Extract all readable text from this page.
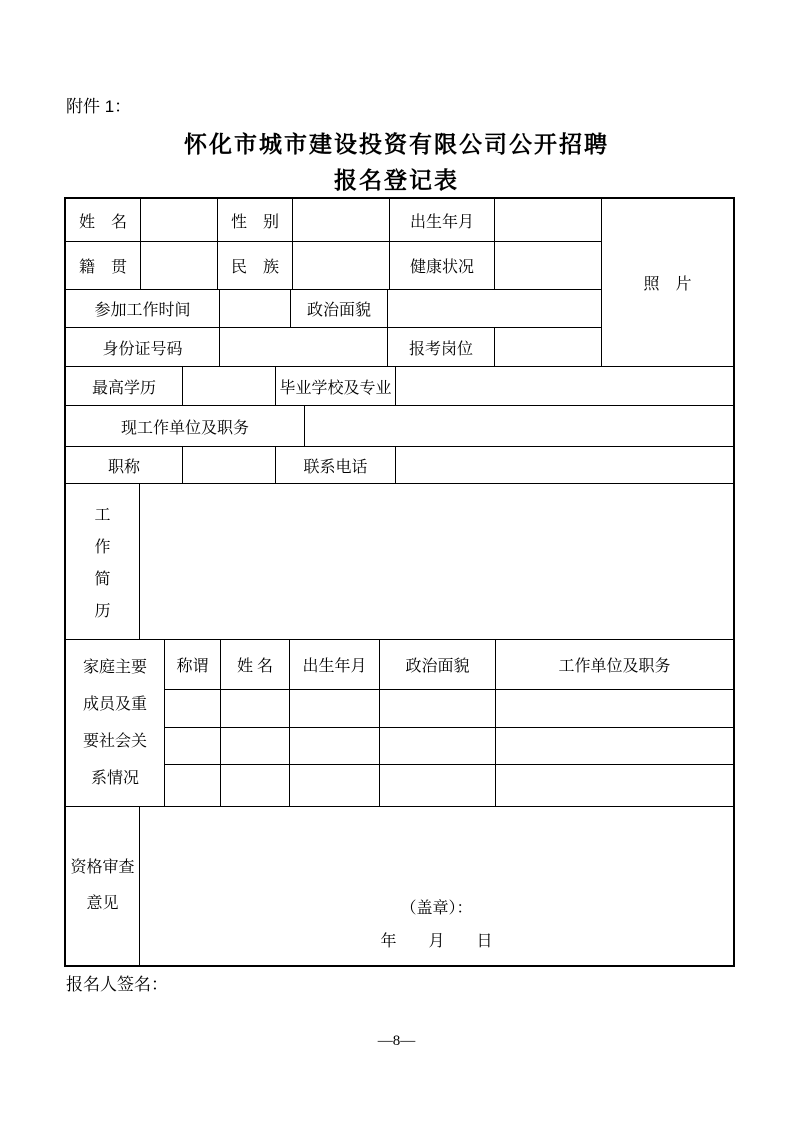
附件 1：
怀化市城市建设投资有限公司公开招聘
报名登记表
姓　名	性　别	出生年月
籍　贯	民　族	健康状况
参加工作时间	政治面貌
身份证号码	报考岗位
照　片
最高学历	毕业学校及专业
现工作单位及职务
职称	联系电话
工
作
简
历
家庭主要
成员及重
要社会关
系情况
称谓	姓 名	出生年月	政治面貌	工作单位及职务
资格审查
意见	（盖章）：
年　　月　　日
报名人签名：
—8—
